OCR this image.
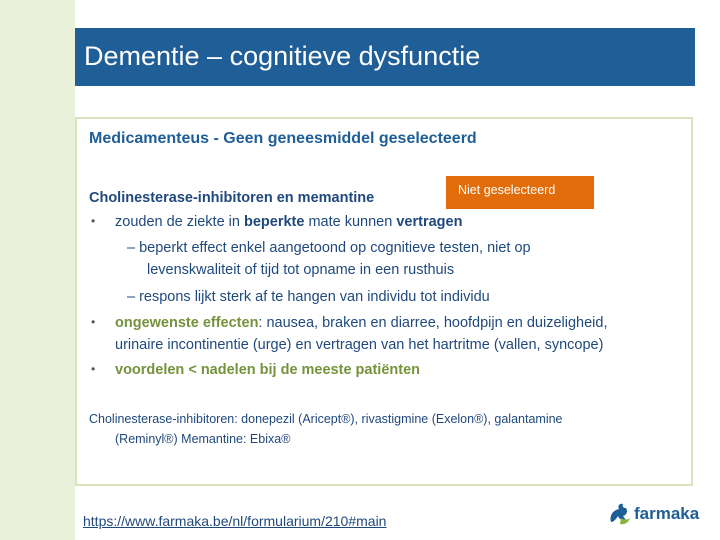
Dementie – cognitieve dysfunctie
Medicamenteus - Geen geneesmiddel geselecteerd
Niet geselecteerd
Cholinesterase-inhibitoren en memantine
• zouden de ziekte in beperkte mate kunnen vertragen
– beperkt effect enkel aangetoond op cognitieve testen, niet op
levenskwaliteit of tijd tot opname in een rusthuis
– respons lijkt sterk af te hangen van individu tot individu
• ongewenste effecten: nausea, braken en diarree, hoofdpijn en duizeligheid,
urinaire incontinentie (urge) en vertragen van het hartritme (vallen, syncope)
• voordelen < nadelen bij de meeste patiënten
Cholinesterase-inhibitoren: donepezil (Aricept®), rivastigmine (Exelon®), galantamine
(Reminyl®) Memantine: Ebixa®
https://www.farmaka.be/nl/formularium/210#main	farmaka
